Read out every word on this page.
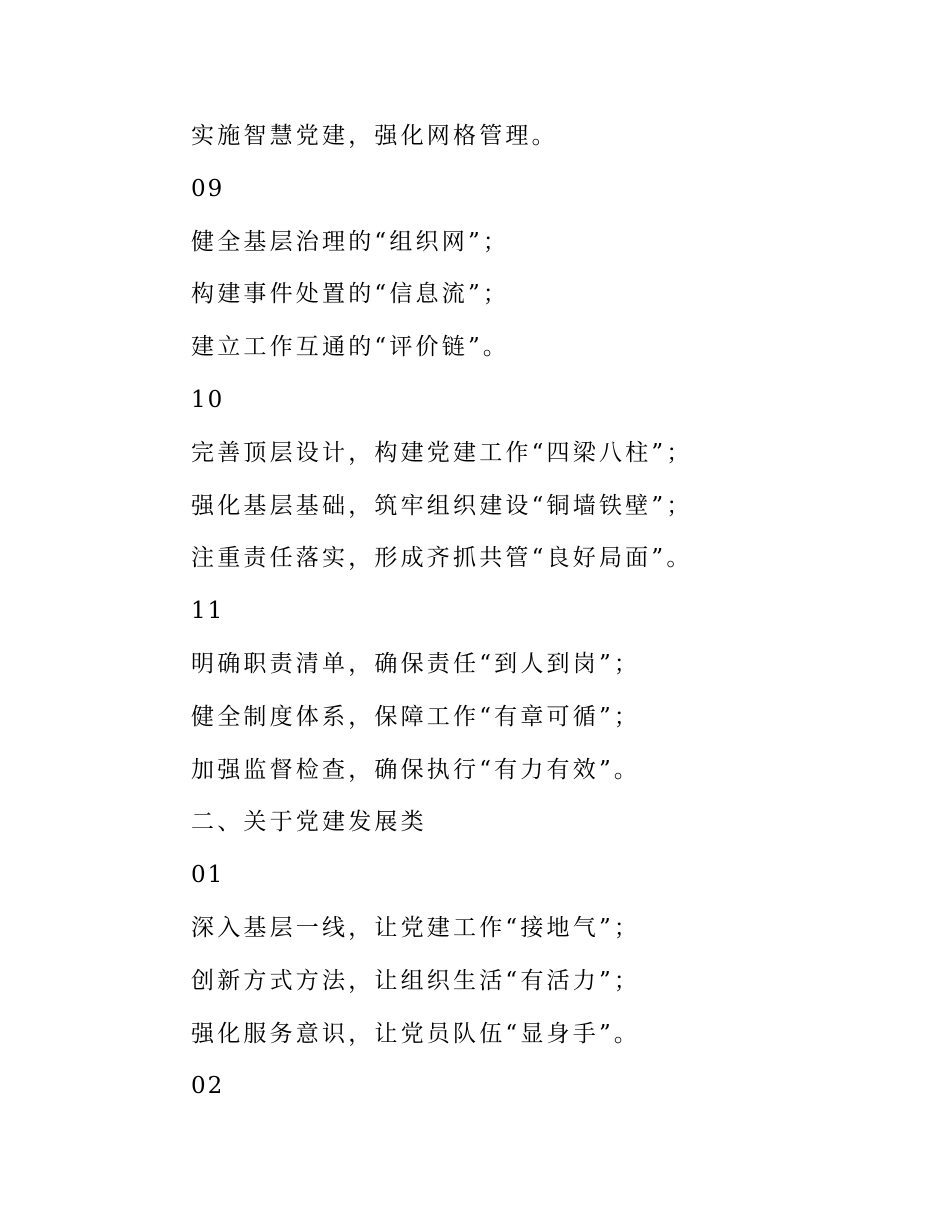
实施智慧党建，强化网格管理。
09
健全基层治理的“组织网”；
构建事件处置的“信息流”；
建立工作互通的“评价链”。
10
完善顶层设计，构建党建工作“四梁八柱”；
强化基层基础，筑牢组织建设“铜墙铁壁”；
注重责任落实，形成齐抓共管“良好局面”。
11
明确职责清单，确保责任“到人到岗”；
健全制度体系，保障工作“有章可循”；
加强监督检查，确保执行“有力有效”。
二、关于党建发展类
01
深入基层一线，让党建工作“接地气”；
创新方式方法，让组织生活“有活力”；
强化服务意识，让党员队伍“显身手”。
02
